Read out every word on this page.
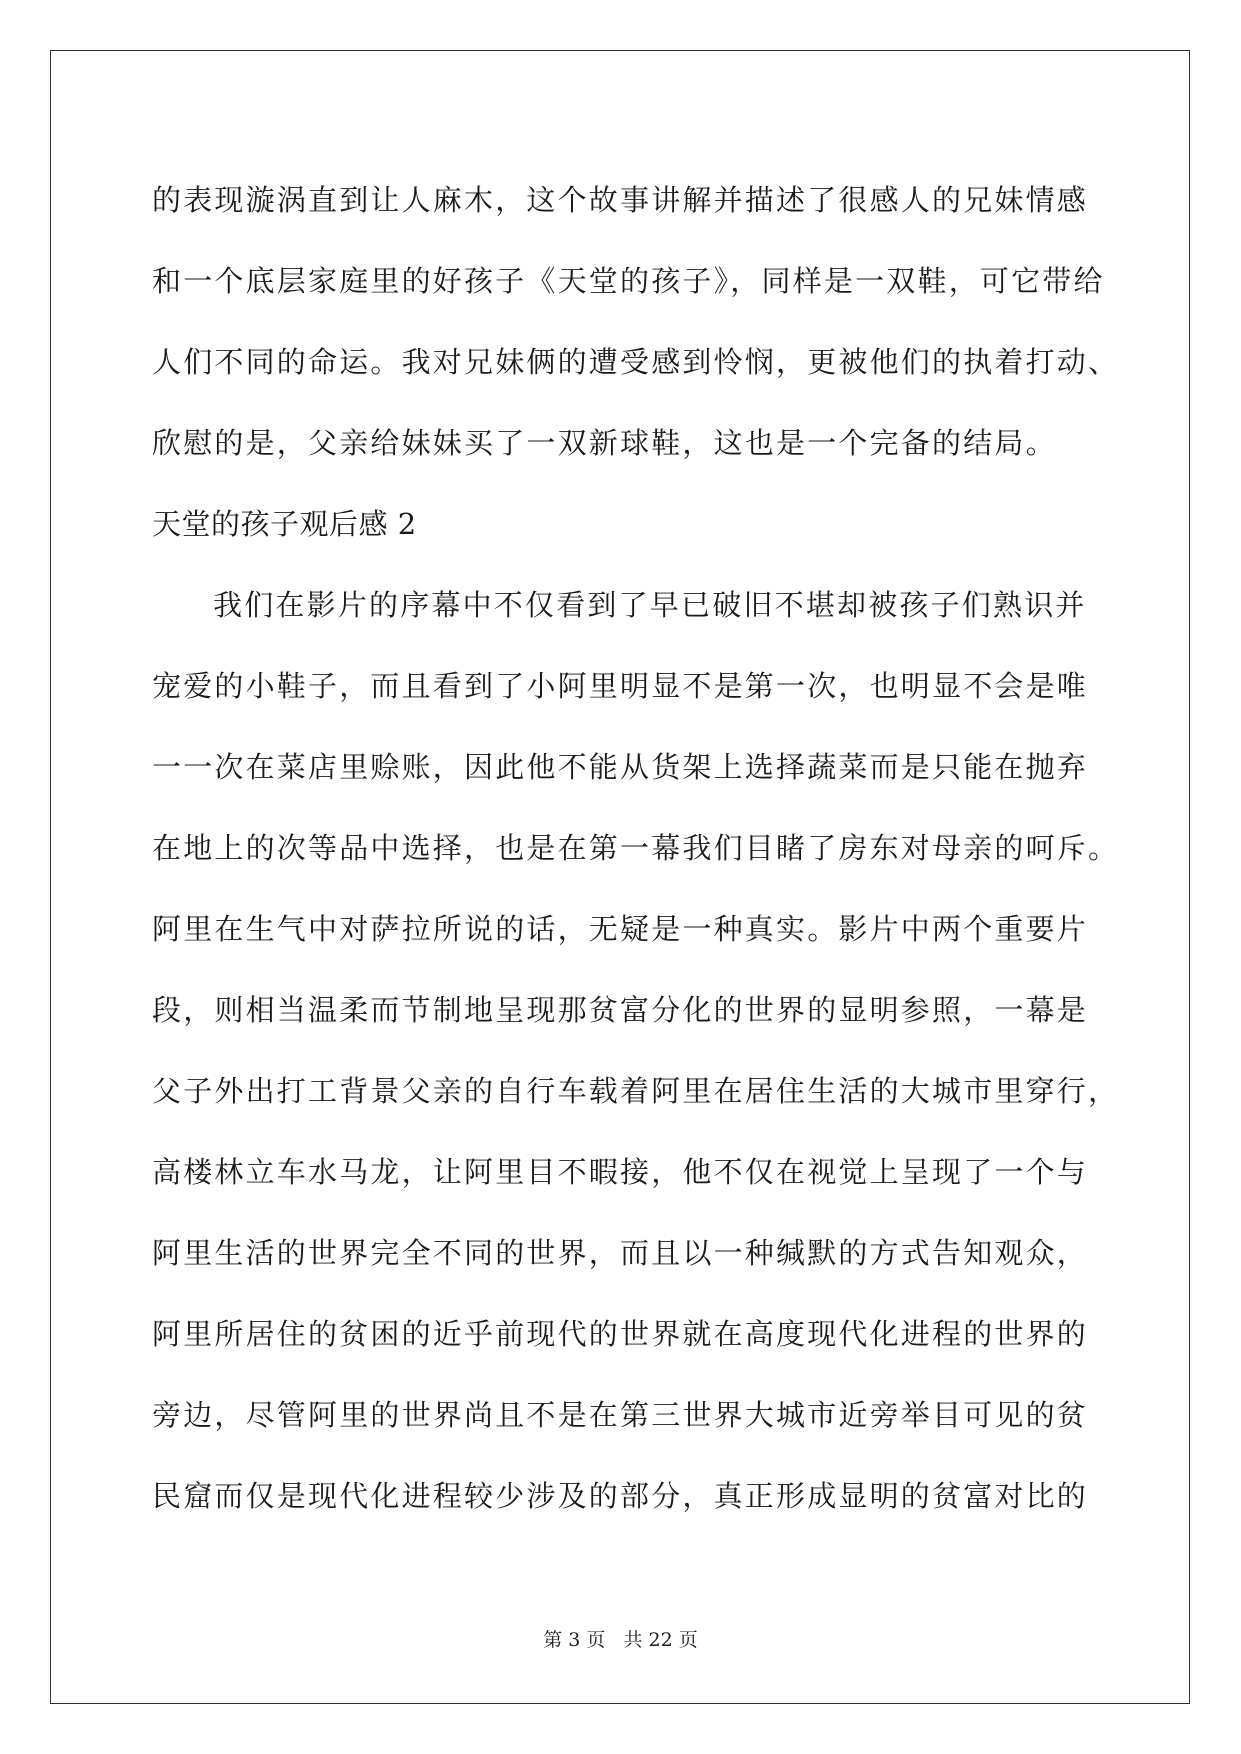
的表现漩涡直到让人麻木，这个故事讲解并描述了很感人的兄妹情感
和一个底层家庭里的好孩子《天堂的孩子》，同样是一双鞋，可它带给
人们不同的命运。我对兄妹俩的遭受感到怜悯，更被他们的执着打动、
欣慰的是，父亲给妹妹买了一双新球鞋，这也是一个完备的结局。
天堂的孩子观后感 2
我们在影片的序幕中不仅看到了早已破旧不堪却被孩子们熟识并
宠爱的小鞋子，而且看到了小阿里明显不是第一次，也明显不会是唯
一一次在菜店里赊账，因此他不能从货架上选择蔬菜而是只能在抛弃
在地上的次等品中选择，也是在第一幕我们目睹了房东对母亲的呵斥。
阿里在生气中对萨拉所说的话，无疑是一种真实。影片中两个重要片
段，则相当温柔而节制地呈现那贫富分化的世界的显明参照，一幕是
父子外出打工背景父亲的自行车载着阿里在居住生活的大城市里穿行，
高楼林立车水马龙，让阿里目不暇接，他不仅在视觉上呈现了一个与
阿里生活的世界完全不同的世界，而且以一种缄默的方式告知观众，
阿里所居住的贫困的近乎前现代的世界就在高度现代化进程的世界的
旁边，尽管阿里的世界尚且不是在第三世界大城市近旁举目可见的贫
民窟而仅是现代化进程较少涉及的部分，真正形成显明的贫富对比的
第 3 页 共 22 页
